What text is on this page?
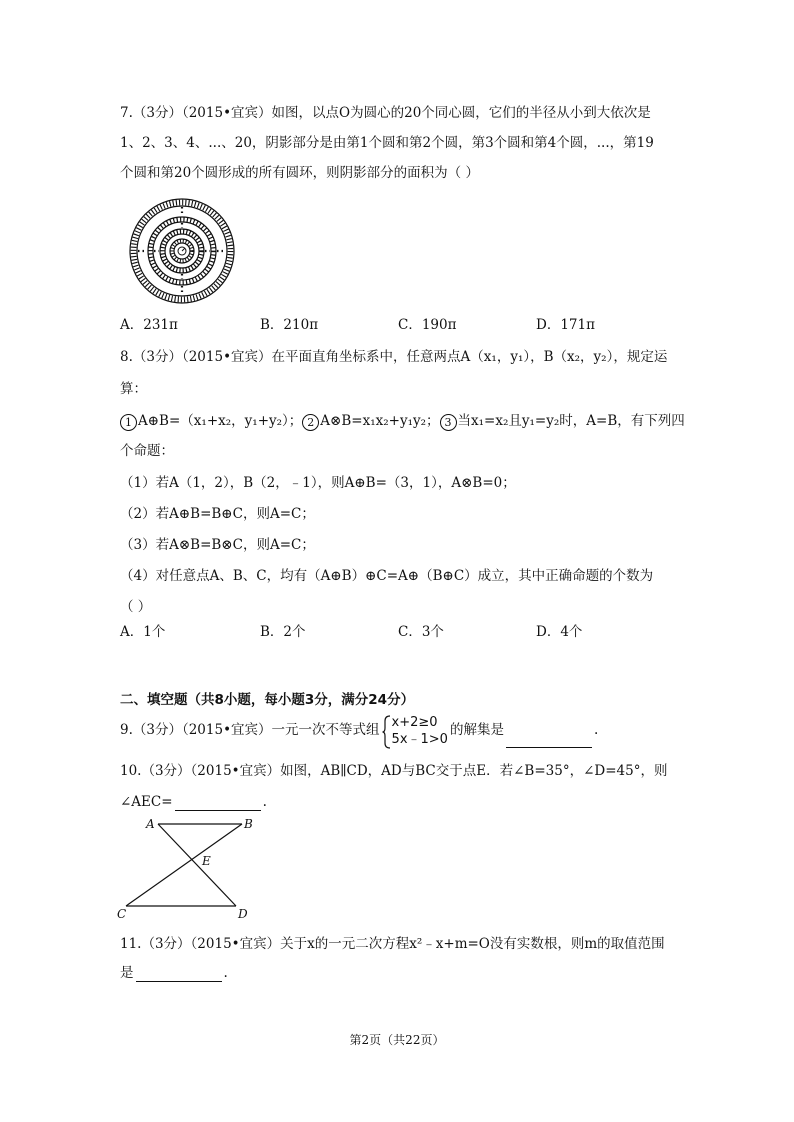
7.（3分）（2015•宜宾）如图，以点O为圆心的20个同心圆，它们的半径从小到大依次是
1、2、3、4、...、20，阴影部分是由第1个圆和第2个圆，第3个圆和第4个圆，...，第19
个圆和第20个圆形成的所有圆环，则阴影部分的面积为（ ）
A．231π	B．210π	C．190π	D．171π
8.（3分）（2015•宜宾）在平面直角坐标系中，任意两点A（x₁，y₁），B（x₂，y₂），规定运
算：
1 A⊕B=（x₁+x₂，y₁+y₂）； 2 A⊗B=x₁x₂+y₁y₂； 3 当x₁=x₂且y₁=y₂时，A=B，有下列四
个命题：
（1）若A（1，2），B（2，﹣1），则A⊕B=（3，1），A⊗B=0；
（2）若A⊕B=B⊕C，则A=C；
（3）若A⊗B=B⊗C，则A=C；
（4）对任意点A、B、C，均有（A⊕B）⊕C=A⊕（B⊕C）成立，其中正确命题的个数为
（ ）
A．1个	B．2个	C．3个	D．4个
二、填空题（共8小题，每小题3分，满分24分）
9.（3分）（2015•宜宾）一元一次不等式组 x+2≥0
5x﹣1>0
的解集是	.
10.（3分）（2015•宜宾）如图，AB∥CD，AD与BC交于点E．若∠B=35°，∠D=45°，则
∠AEC=	.
A	B
E
C	D
11.（3分）（2015•宜宾）关于x的一元二次方程x²﹣x+m=O没有实数根，则m的取值范围
是	.
第2页（共22页）
